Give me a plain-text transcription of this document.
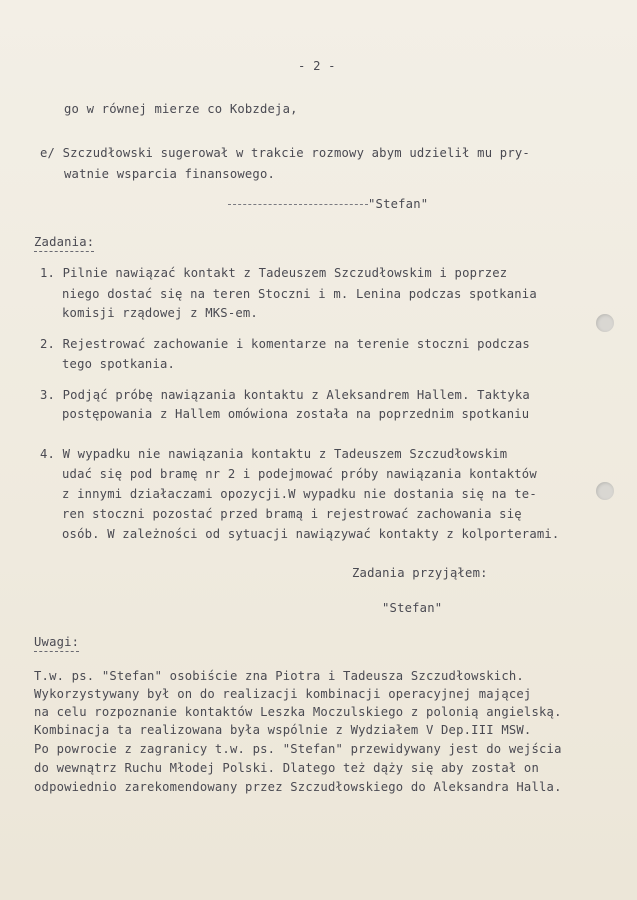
- 2 -
go w równej mierze co Kobzdeja,
e/ Szczudłowski sugerował w trakcie rozmowy abym udzielił mu pry-
watnie wsparcia finansowego.
"Stefan"
Zadania:
1. Pilnie nawiązać kontakt z Tadeuszem Szczudłowskim i poprzez
niego dostać się na teren Stoczni i m. Lenina podczas spotkania
komisji rządowej z MKS-em.
2. Rejestrować zachowanie i komentarze na terenie stoczni podczas
tego spotkania.
3. Podjąć próbę nawiązania kontaktu z Aleksandrem Hallem. Taktyka
postępowania z Hallem omówiona została na poprzednim spotkaniu
4. W wypadku nie nawiązania kontaktu z Tadeuszem Szczudłowskim
udać się pod bramę nr 2 i podejmować próby nawiązania kontaktów
z innymi działaczami opozycji.W wypadku nie dostania się na te-
ren stoczni pozostać przed bramą i rejestrować zachowania się
osób. W zależności od sytuacji nawiązywać kontakty z kolporterami.
Zadania przyjąłem:
"Stefan"
Uwagi:
T.w. ps. "Stefan" osobiście zna Piotra i Tadeusza Szczudłowskich.
Wykorzystywany był on do realizacji kombinacji operacyjnej mającej
na celu rozpoznanie kontaktów Leszka Moczulskiego z polonią angielską.
Kombinacja ta realizowana była wspólnie z Wydziałem V Dep.III MSW.
Po powrocie z zagranicy t.w. ps. "Stefan" przewidywany jest do wejścia
do wewnątrz Ruchu Młodej Polski. Dlatego też dąży się aby został on
odpowiednio zarekomendowany przez Szczudłowskiego do Aleksandra Halla.
